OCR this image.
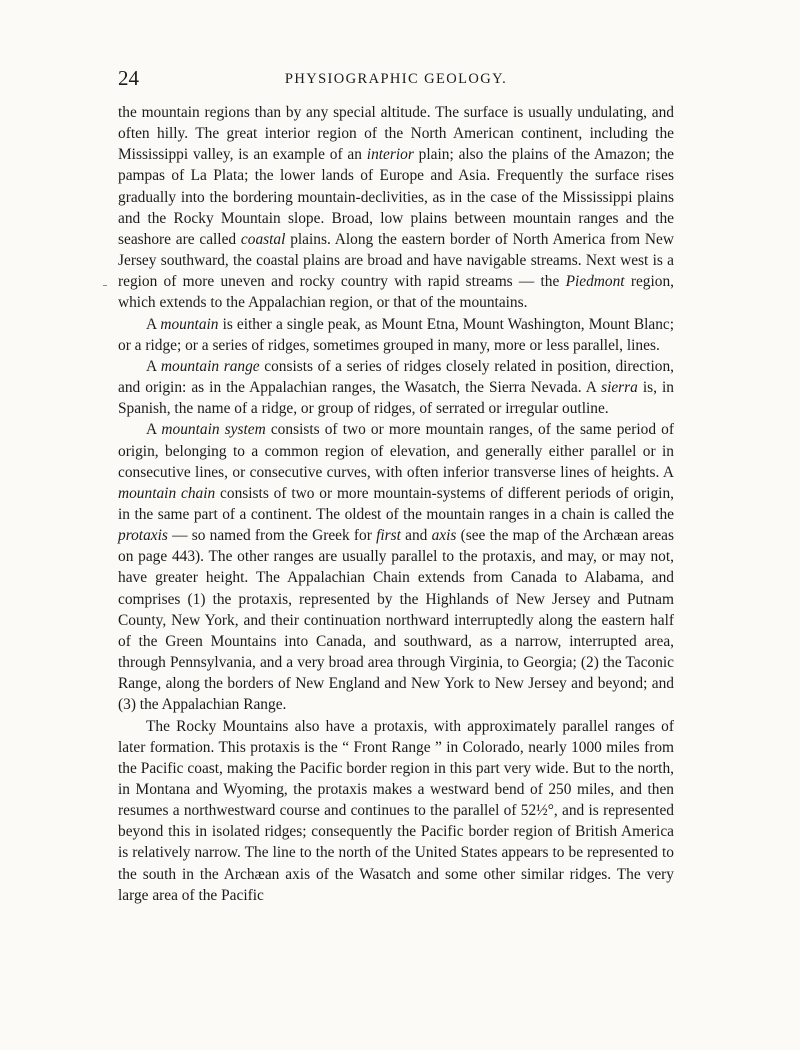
24	PHYSIOGRAPHIC GEOLOGY.

the mountain regions than by any special altitude. The surface is usually undulating, and often hilly. The great interior region of the North American continent, including the Mississippi valley, is an example of an interior plain; also the plains of the Amazon; the pampas of La Plata; the lower lands of Europe and Asia. Frequently the surface rises gradually into the bordering mountain-declivities, as in the case of the Mississippi plains and the Rocky Mountain slope. Broad, low plains between mountain ranges and the seashore are called coastal plains. Along the eastern border of North America from New Jersey southward, the coastal plains are broad and have navigable streams. Next west is a region of more uneven and rocky country with rapid streams — the Piedmont region, which extends to the Appalachian region, or that of the mountains.

A mountain is either a single peak, as Mount Etna, Mount Washington, Mount Blanc; or a ridge; or a series of ridges, sometimes grouped in many, more or less parallel, lines.

A mountain range consists of a series of ridges closely related in position, direction, and origin: as in the Appalachian ranges, the Wasatch, the Sierra Nevada. A sierra is, in Spanish, the name of a ridge, or group of ridges, of serrated or irregular outline.

A mountain system consists of two or more mountain ranges, of the same period of origin, belonging to a common region of elevation, and generally either parallel or in consecutive lines, or consecutive curves, with often inferior transverse lines of heights. A mountain chain consists of two or more mountain-systems of different periods of origin, in the same part of a continent. The oldest of the mountain ranges in a chain is called the protaxis — so named from the Greek for first and axis (see the map of the Archæan areas on page 443). The other ranges are usually parallel to the protaxis, and may, or may not, have greater height. The Appalachian Chain extends from Canada to Alabama, and comprises (1) the protaxis, represented by the Highlands of New Jersey and Putnam County, New York, and their continuation northward interruptedly along the eastern half of the Green Mountains into Canada, and southward, as a narrow, interrupted area, through Pennsylvania, and a very broad area through Virginia, to Georgia; (2) the Taconic Range, along the borders of New England and New York to New Jersey and beyond; and (3) the Appalachian Range.

The Rocky Mountains also have a protaxis, with approximately parallel ranges of later formation. This protaxis is the “ Front Range ” in Colorado, nearly 1000 miles from the Pacific coast, making the Pacific border region in this part very wide. But to the north, in Montana and Wyoming, the protaxis makes a westward bend of 250 miles, and then resumes a northwestward course and continues to the parallel of 52½°, and is represented beyond this in isolated ridges; consequently the Pacific border region of British America is relatively narrow. The line to the north of the United States appears to be represented to the south in the Archæan axis of the Wasatch and some other similar ridges. The very large area of the Pacific
